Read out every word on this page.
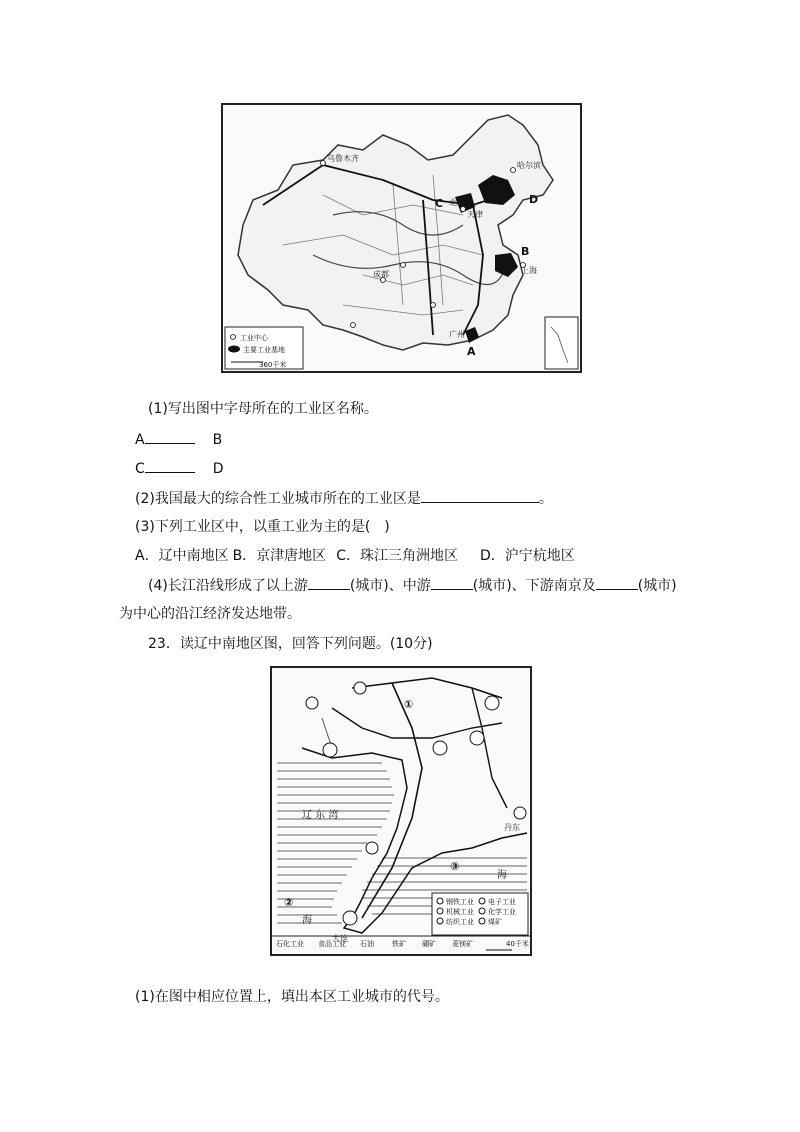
乌鲁木齐
哈尔滨
北京
天津
上海
成都
广州
D
B
A
C
工业中心
主要工业基地
360千米
(1)写出图中字母所在的工业区名称。
A	B
C	D
(2)我国最大的综合性工业城市所在的工业区是	。
(3)下列工业区中，以重工业为主的是(　)
A．辽中南地区 B．京津唐地区 C．珠江三角洲地区 D．沪宁杭地区
(4)长江沿线形成了以上游	(城市)、中游	(城市)、下游南京及	(城市)
为中心的沿江经济发达地带。
23．读辽中南地区图，回答下列问题。(10分)
①
②
③
辽 东 湾
海
海
丹东
大连
钢铁工业
机械工业
纺织工业
电子工业
化学工业
煤矿
石化工业 食品工业 石油	铁矿 硼矿 菱镁矿	40千米
(1)在图中相应位置上，填出本区工业城市的代号。
